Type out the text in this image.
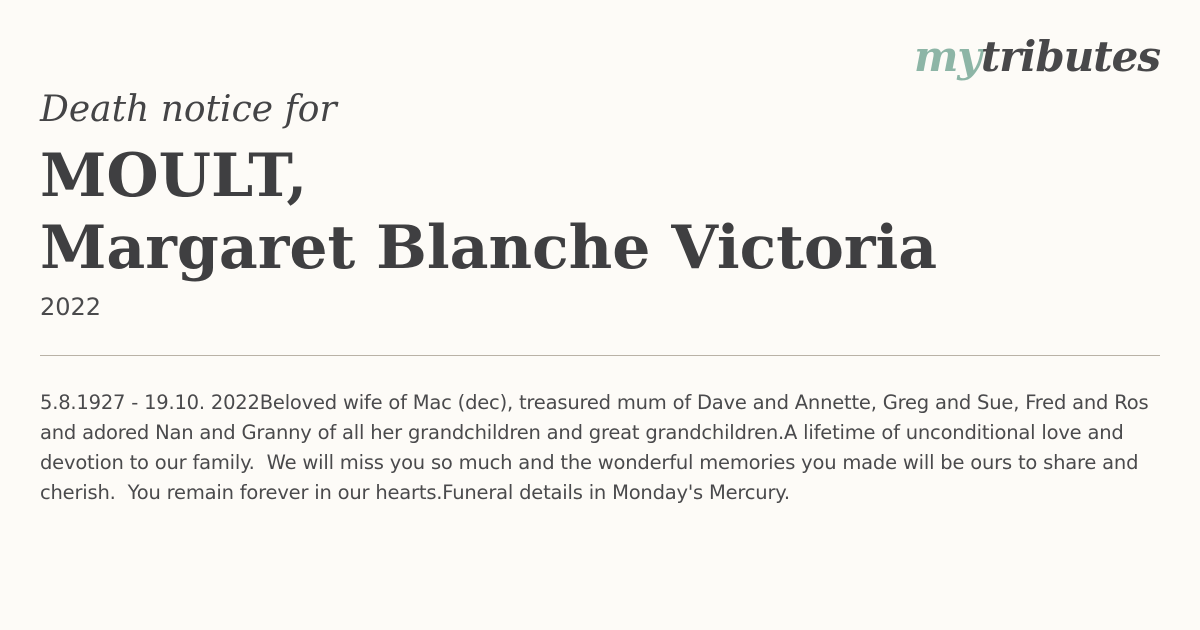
mytributes
Death notice for
MOULT,
Margaret Blanche Victoria
2022
5.8.1927 - 19.10. 2022Beloved wife of Mac (dec), treasured mum of Dave and Annette, Greg and Sue, Fred and Ros and adored Nan and Granny of all her grandchildren and great grandchildren.A lifetime of unconditional love and devotion to our family.  We will miss you so much and the wonderful memories you made will be ours to share and cherish.  You remain forever in our hearts.Funeral details in Monday's Mercury.
